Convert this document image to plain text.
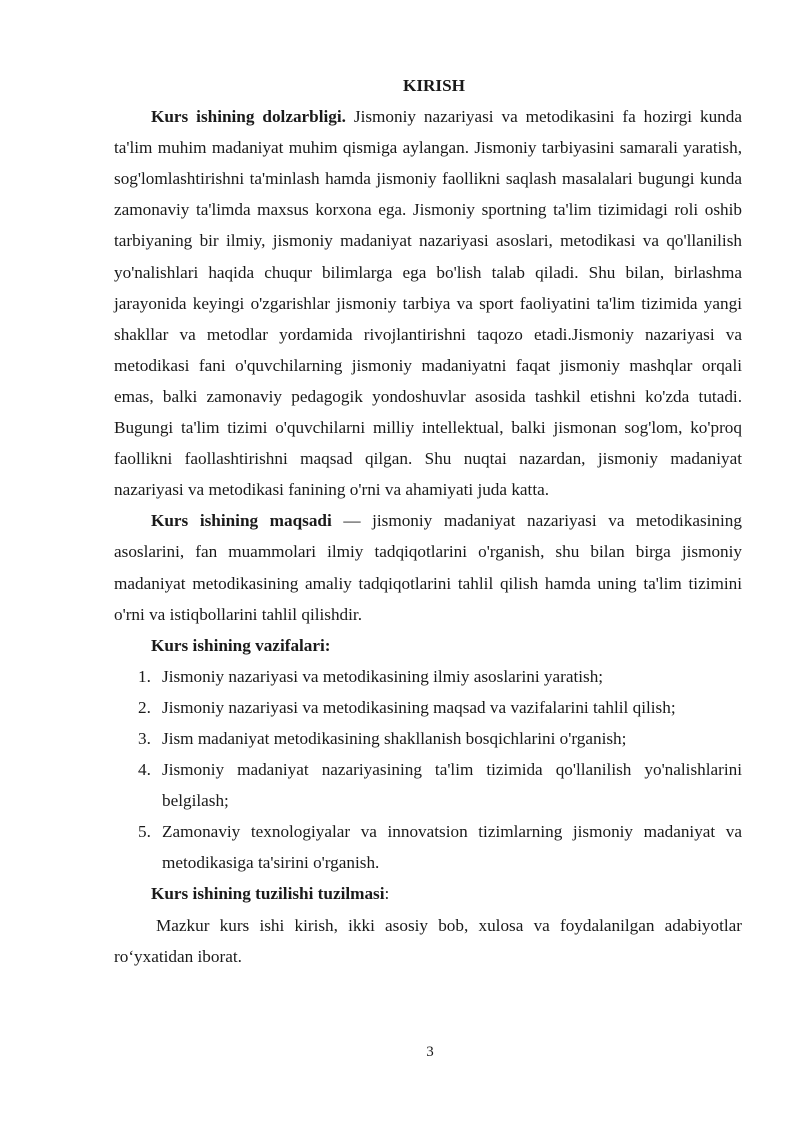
KIRISH

Kurs ishining dolzarbligi. Jismoniy nazariyasi va metodikasini fa hozirgi kunda ta'lim muhim madaniyat muhim qismiga aylangan. Jismoniy tarbiyasini samarali yaratish, sog'lomlashtirishni ta'minlash hamda jismoniy faollikni saqlash masalalari bugungi kunda zamonaviy ta'limda maxsus korxona ega. Jismoniy sportning ta'lim tizimidagi roli oshib tarbiyaning bir ilmiy, jismoniy madaniyat nazariyasi asoslari, metodikasi va qo'llanilish yo'nalishlari haqida chuqur bilimlarga ega bo'lish talab qiladi. Shu bilan, birlashma jarayonida keyingi o'zgarishlar jismoniy tarbiya va sport faoliyatini ta'lim tizimida yangi shakllar va metodlar yordamida rivojlantirishni taqozo etadi.Jismoniy nazariyasi va metodikasi fani o'quvchilarning jismoniy madaniyatni faqat jismoniy mashqlar orqali emas, balki zamonaviy pedagogik yondoshuvlar asosida tashkil etishni ko'zda tutadi. Bugungi ta'lim tizimi o'quvchilarni milliy intellektual, balki jismonan sog'lom, ko'proq faollikni faollashtirishni maqsad qilgan. Shu nuqtai nazardan, jismoniy madaniyat nazariyasi va metodikasi fanining o'rni va ahamiyati juda katta.

Kurs ishining maqsadi — jismoniy madaniyat nazariyasi va metodikasining asoslarini, fan muammolari ilmiy tadqiqotlarini o'rganish, shu bilan birga jismoniy madaniyat metodikasining amaliy tadqiqotlarini tahlil qilish hamda uning ta'lim tizimini o'rni va istiqbollarini tahlil qilishdir.

Kurs ishining vazifalari:

1. Jismoniy nazariyasi va metodikasining ilmiy asoslarini yaratish;
2. Jismoniy nazariyasi va metodikasining maqsad va vazifalarini tahlil qilish;
3. Jism madaniyat metodikasining shakllanish bosqichlarini o'rganish;
4. Jismoniy madaniyat nazariyasining ta'lim tizimida qo'llanilish yo'nalishlarini belgilash;
5. Zamonaviy texnologiyalar va innovatsion tizimlarning jismoniy madaniyat va metodikasiga ta'sirini o'rganish.

Kurs ishining tuzilishi tuzilmasi:

Mazkur kurs ishi kirish, ikki asosiy bob, xulosa va foydalanilgan adabiyotlar ro‘yxatidan iborat.

3
